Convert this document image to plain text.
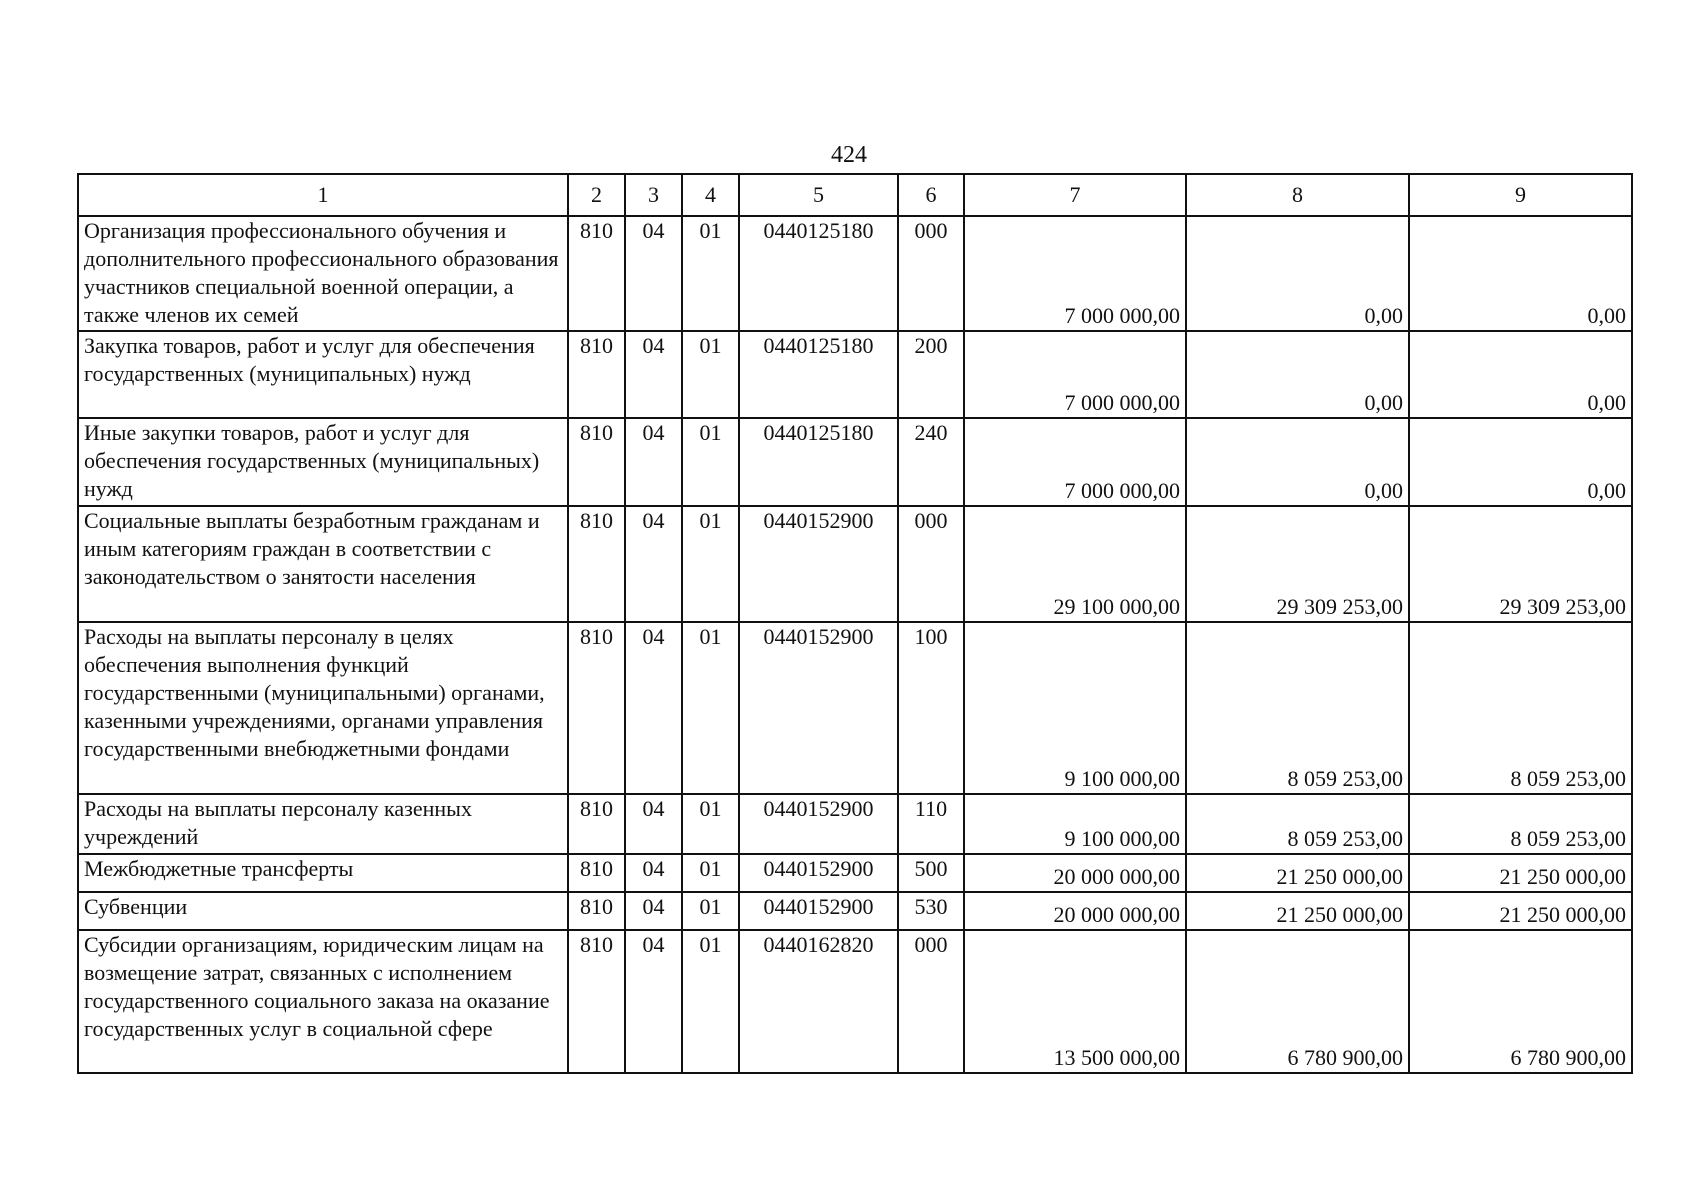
424
1	2	3	4	5	6	7	8	9
Организация профессионального обучения и дополнительного профессионального образования участников специальной военной операции, а также членов их семей	810	04	01	0440125180	000	7 000 000,00	0,00	0,00
Закупка товаров, работ и услуг для обеспечения государственных (муниципальных) нужд	810	04	01	0440125180	200	7 000 000,00	0,00	0,00
Иные закупки товаров, работ и услуг для обеспечения государственных (муниципальных) нужд	810	04	01	0440125180	240	7 000 000,00	0,00	0,00
Социальные выплаты безработным гражданам и иным категориям граждан в соответствии с законодательством о занятости населения	810	04	01	0440152900	000	29 100 000,00	29 309 253,00	29 309 253,00
Расходы на выплаты персоналу в целях обеспечения выполнения функций государственными (муниципальными) органами, казенными учреждениями, органами управления государственными внебюджетными фондами	810	04	01	0440152900	100	9 100 000,00	8 059 253,00	8 059 253,00
Расходы на выплаты персоналу казенных учреждений	810	04	01	0440152900	110	9 100 000,00	8 059 253,00	8 059 253,00
Межбюджетные трансферты	810	04	01	0440152900	500	20 000 000,00	21 250 000,00	21 250 000,00
Субвенции	810	04	01	0440152900	530	20 000 000,00	21 250 000,00	21 250 000,00
Субсидии организациям, юридическим лицам на возмещение затрат, связанных с исполнением государственного социального заказа на оказание государственных услуг в социальной сфере	810	04	01	0440162820	000	13 500 000,00	6 780 900,00	6 780 900,00
